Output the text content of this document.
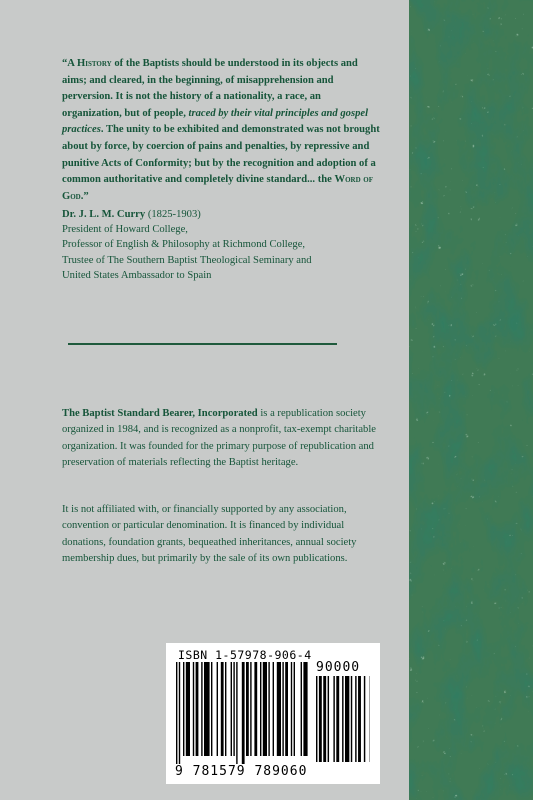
“A History of the Baptists should be understood in its objects and aims; and cleared, in the beginning, of misapprehension and perversion. It is not the history of a nationality, a race, an organization, but of people, traced by their vital principles and gospel practices. The unity to be exhibited and demonstrated was not brought about by force, by coercion of pains and penalties, by repressive and punitive Acts of Conformity; but by the recognition and adoption of a common authoritative and completely divine standard... the Word of God.”

Dr. J. L. M. Curry (1825-1903)
President of Howard College,
Professor of English & Philosophy at Richmond College,
Trustee of The Southern Baptist Theological Seminary and
United States Ambassador to Spain

The Baptist Standard Bearer, Incorporated is a republication society organized in 1984, and is recognized as a nonprofit, tax-exempt charitable organization. It was founded for the primary purpose of republication and preservation of materials reflecting the Baptist heritage.

It is not affiliated with, or financially supported by any association, convention or particular denomination. It is financed by individual donations, foundation grants, bequeathed inheritances, annual society membership dues, but primarily by the sale of its own publications.

ISBN 1-57978-906-4
90000
9 781579 789060
